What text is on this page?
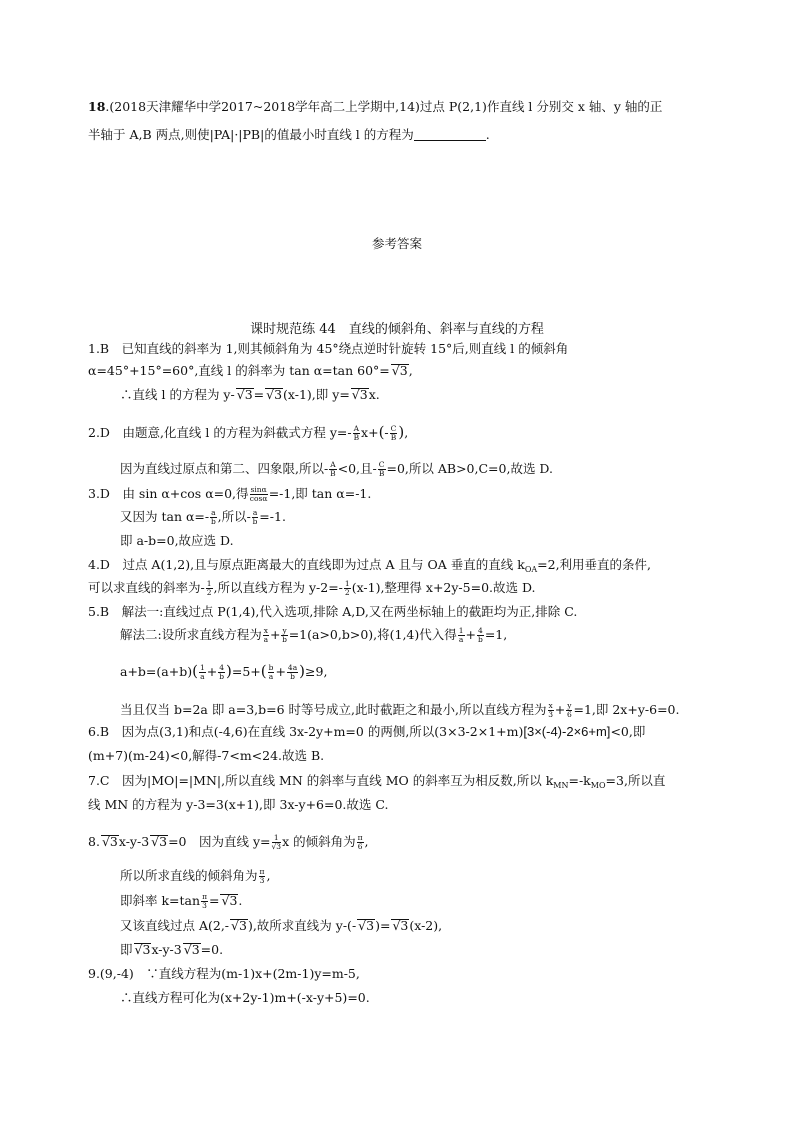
18.(2018天津耀华中学2017~2018学年高二上学期中,14)过点 P(2,1)作直线 l 分别交 x 轴、y 轴的正
半轴于 A,B 两点,则使|PA|·|PB|的值最小时直线 l 的方程为	.
参考答案
课时规范练 44　直线的倾斜角、斜率与直线的方程
1.B　已知直线的斜率为 1,则其倾斜角为 45°绕点逆时针旋转 15°后,则直线 l 的倾斜角
α=45°+15°=60°,直线 l 的斜率为 tan α=tan 60°= √ 3,
∴直线 l 的方程为 y- √ 3= √ 3(x-1),即 y= √ 3x.
2.D　由题意,化直线 l 的方程为斜截式方程 $y=- \frac{A}{B} x+(- \frac{C}{B}$ ),
因为直线过原点和第二、四象限,所以- $\frac{A}{B} <0$,且- $\frac{C}{B} =0$,所以 AB>0,C=0,故选 D.
3.D　由 sin α+cos α=0,得 $\frac{\sin\alpha}{\cos\alpha} =-1$,即 tan α=-1.
又因为 $\tan \alpha=- \frac{a}{b}$ ,所以- $\frac{a}{b} =-1$.
即 a-b=0,故应选 D.
4.D　过点 A(1,2),且与原点距离最大的直线即为过点 A 且与 OA 垂直的直线 $k_{OA}=2$,利用垂直的条件,
可以求直线的斜率为- $\frac{1}{2}$ ,所以直线方程为 $y-2=- \frac{1}{2} (x-1)$,整理得 x+2y-5=0.故选 D.
5.B　解法一:直线过点 P(1,4),代入选项,排除 A,D,又在两坐标轴上的截距均为正,排除 C.
解法二:设所求直线方程为 $\frac{x}{a} + \frac{y}{b} =1(a>0,b>0)$,将(1,4)代入得 $\frac{1}{a} + \frac{4}{b} =1$,
$a+b=(a+b)( \frac{1}{a} + \frac{4}{b} )=5+( \frac{b}{a} + \frac{4a}{b} )\ge 9$,
当且仅当 b=2a 即 a=3,b=6 时等号成立,此时截距之和最小,所以直线方程为 $\frac{x}{3} + \frac{y}{6} =1$,即 2x+y-6=0.
6.B　因为点(3,1)和点(-4,6)在直线 3x-2y+m=0 的两侧,所以(3×3-2×1+m)[3×(-4)-2×6+m]<0,即
(m+7)(m-24)<0,解得-7<m<24.故选 B.
7.C　因为|MO|=|MN|,所以直线 MN 的斜率与直线 MO 的斜率互为相反数,所以 $k_{MN}=-k_{MO}=3$,所以直
线 MN 的方程为 y-3=3(x+1),即 3x-y+6=0.故选 C.
8. √ 3x-y-3 √ 3=0　因为直线 y= 1
√ 3 x 的倾斜角为 $\frac{\pi}{6}$ ,
所以所求直线的倾斜角为 $\frac{\pi}{3}$ ,
即斜率 $k=\tan \frac{\pi}{3}$ = √ 3.
又该直线过点 A(2,- √ 3),故所求直线为 y-(- √ 3)= √ 3(x-2),
即 √ 3x-y-3 √ 3=0.
9.(9,-4)　∵直线方程为(m-1)x+(2m-1)y=m-5,
∴直线方程可化为(x+2y-1)m+(-x-y+5)=0.
